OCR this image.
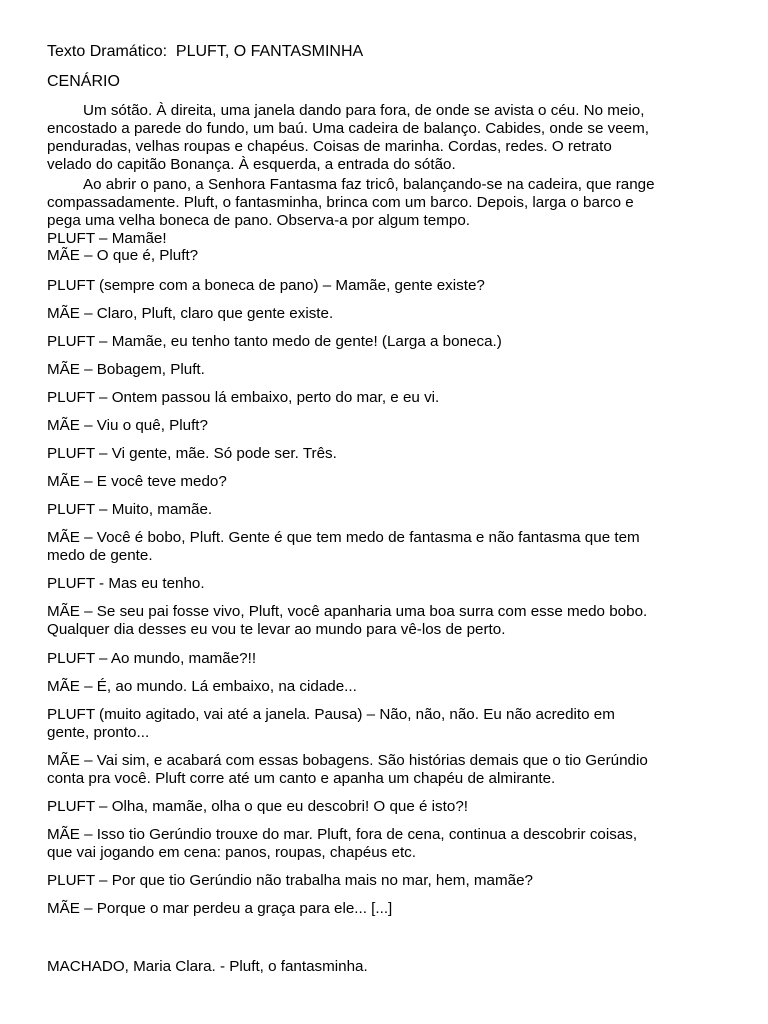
Texto Dramático:  PLUFT, O FANTASMINHA

CENÁRIO

Um sótão. À direita, uma janela dando para fora, de onde se avista o céu. No meio,

encostado a parede do fundo, um baú. Uma cadeira de balanço. Cabides, onde se veem,

penduradas, velhas roupas e chapéus. Coisas de marinha. Cordas, redes. O retrato

velado do capitão Bonança. À esquerda, a entrada do sótão.

Ao abrir o pano, a Senhora Fantasma faz tricô, balançando-se na cadeira, que range

compassadamente. Pluft, o fantasminha, brinca com um barco. Depois, larga o barco e

pega uma velha boneca de pano. Observa-a por algum tempo.

PLUFT – Mamãe!

MÃE – O que é, Pluft?

PLUFT (sempre com a boneca de pano) – Mamãe, gente existe?

MÃE – Claro, Pluft, claro que gente existe.

PLUFT – Mamãe, eu tenho tanto medo de gente! (Larga a boneca.)

MÃE – Bobagem, Pluft.

PLUFT – Ontem passou lá embaixo, perto do mar, e eu vi.

MÃE – Viu o quê, Pluft?

PLUFT – Vi gente, mãe. Só pode ser. Três.

MÃE – E você teve medo?

PLUFT – Muito, mamãe.

MÃE – Você é bobo, Pluft. Gente é que tem medo de fantasma e não fantasma que tem

medo de gente.

PLUFT - Mas eu tenho.

MÃE – Se seu pai fosse vivo, Pluft, você apanharia uma boa surra com esse medo bobo.

Qualquer dia desses eu vou te levar ao mundo para vê-los de perto.

PLUFT – Ao mundo, mamãe?!!

MÃE – É, ao mundo. Lá embaixo, na cidade...

PLUFT (muito agitado, vai até a janela. Pausa) – Não, não, não. Eu não acredito em

gente, pronto...

MÃE – Vai sim, e acabará com essas bobagens. São histórias demais que o tio Gerúndio

conta pra você. Pluft corre até um canto e apanha um chapéu de almirante.

PLUFT – Olha, mamãe, olha o que eu descobri! O que é isto?!

MÃE – Isso tio Gerúndio trouxe do mar. Pluft, fora de cena, continua a descobrir coisas,

que vai jogando em cena: panos, roupas, chapéus etc.

PLUFT – Por que tio Gerúndio não trabalha mais no mar, hem, mamãe?

MÃE – Porque o mar perdeu a graça para ele... [...]

MACHADO, Maria Clara. - Pluft, o fantasminha.
